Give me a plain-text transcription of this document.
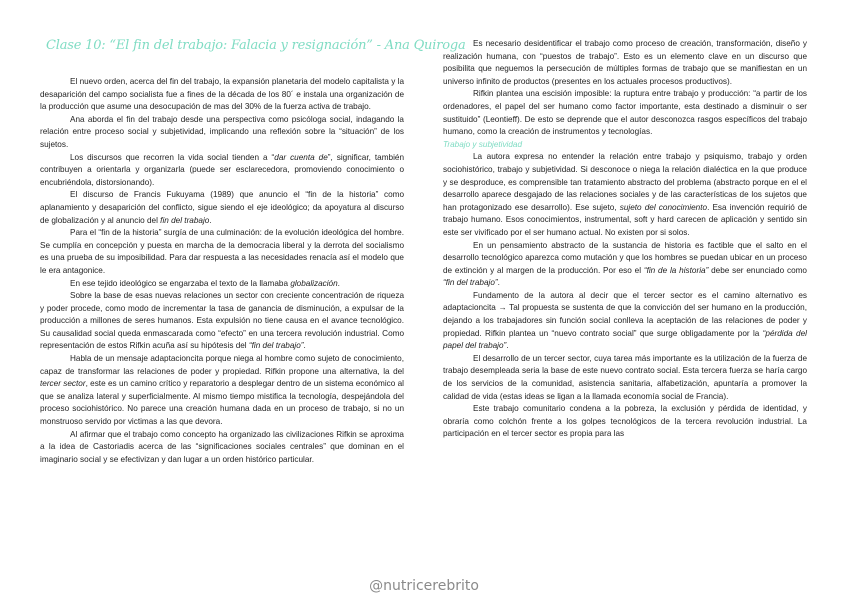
Clase 10: “El fin del trabajo: Falacia y resignación” - Ana Quiroga

El nuevo orden, acerca del fin del trabajo, la expansión planetaria del modelo capitalista y la desaparición del campo socialista fue a fines de la década de los 80´ e instala una organización de la producción que asume una desocupación de mas del 30% de la fuerza activa de trabajo.

Ana aborda el fin del trabajo desde una perspectiva como psicóloga social, indagando la relación entre proceso social y subjetividad, implicando una reflexión sobre la “situación” de los sujetos.

Los discursos que recorren la vida social tienden a “dar cuenta de”, significar, también contribuyen a orientarla y organizarla (puede ser esclarecedora, promoviendo conocimiento o encubriéndola, distorsionando).

El discurso de Francis Fukuyama (1989) que anuncio el “fin de la historia” como aplanamiento y desaparición del conflicto, sigue siendo el eje ideológico; da apoyatura al discurso de globalización y al anuncio del fin del trabajo.

Para el “fin de la historia” surgía de una culminación: de la evolución ideológica del hombre. Se cumplía en concepción y puesta en marcha de la democracia liberal y la derrota del socialismo es una prueba de su imposibilidad. Para dar respuesta a las necesidades renacía así el modelo que le era antagonice.

En ese tejido ideológico se engarzaba el texto de la llamaba globalización.

Sobre la base de esas nuevas relaciones un sector con creciente concentración de riqueza y poder procede, como modo de incrementar la tasa de ganancia de disminución, a expulsar de la producción a millones de seres humanos. Esta expulsión no tiene causa en el avance tecnológico. Su causalidad social queda enmascarada como “efecto” en una tercera revolución industrial. Como representación de estos Rifkin acuña así su hipótesis del “fin del trabajo”.

Habla de un mensaje adaptacioncita porque niega al hombre como sujeto de conocimiento, capaz de transformar las relaciones de poder y propiedad. Rifkin propone una alternativa, la del tercer sector, este es un camino crítico y reparatorio a desplegar dentro de un sistema económico al que se analiza lateral y superficialmente. Al mismo tiempo mistifica la tecnología, despejándola del proceso sociohistórico. No parece una creación humana dada en un proceso de trabajo, si no un monstruoso servido por victimas a las que devora.

Al afirmar que el trabajo como concepto ha organizado las civilizaciones Rifkin se aproxima a la idea de Castoriadis acerca de las “significaciones sociales centrales” que dominan en el imaginario social y se efectivizan y dan lugar a un orden histórico particular.

Es necesario desidentificar el trabajo como proceso de creación, transformación, diseño y realización humana, con “puestos de trabajo”. Esto es un elemento clave en un discurso que posibilita que neguemos la persecución de múltiples formas de trabajo que se manifiestan en un universo infinito de productos (presentes en los actuales procesos productivos).

Rifkin plantea una escisión imposible: la ruptura entre trabajo y producción: “a partir de los ordenadores, el papel del ser humano como factor importante, esta destinado a disminuir o ser sustituido” (Leontieff). De esto se deprende que el autor desconozca rasgos específicos del trabajo humano, como la creación de instrumentos y tecnologías.

Trabajo y subjetividad

La autora expresa no entender la relación entre trabajo y psiquismo, trabajo y orden sociohistórico, trabajo y subjetividad. Si desconoce o niega la relación dialéctica en la que produce y se desproduce, es comprensible tan tratamiento abstracto del problema (abstracto porque en el el desarrollo aparece desgajado de las relaciones sociales y de las características de los sujetos que han protagonizado ese desarrollo). Ese sujeto, sujeto del conocimiento. Esa invención requirió de trabajo humano. Esos conocimientos, instrumental, soft y hard carecen de aplicación y sentido sin este ser vivificado por el ser humano actual. No existen por si solos.

En un pensamiento abstracto de la sustancia de historia es factible que el salto en el desarrollo tecnológico aparezca como mutación y que los hombres se puedan ubicar en un proceso de extinción y al margen de la producción. Por eso el “fin de la historia” debe ser enunciado como “fin del trabajo”.

Fundamento de la autora al decir que el tercer sector es el camino alternativo es adaptacioncita → Tal propuesta se sustenta de que la convicción del ser humano en la producción, dejando a los trabajadores sin función social conlleva la aceptación de las relaciones de poder y propiedad. Rifkin plantea un “nuevo contrato social” que surge obligadamente por la “pérdida del papel del trabajo”.

El desarrollo de un tercer sector, cuya tarea más importante es la utilización de la fuerza de trabajo desempleada seria la base de este nuevo contrato social. Esta tercera fuerza se haría cargo de los servicios de la comunidad, asistencia sanitaria, alfabetización, apuntaría a promover la calidad de vida (estas ideas se ligan a la llamada economía social de Francia).

Este trabajo comunitario condena a la pobreza, la exclusión y pérdida de identidad, y obraría como colchón frente a los golpes tecnológicos de la tercera revolución industrial. La participación en el tercer sector es propia para las

@nutricerebrito
